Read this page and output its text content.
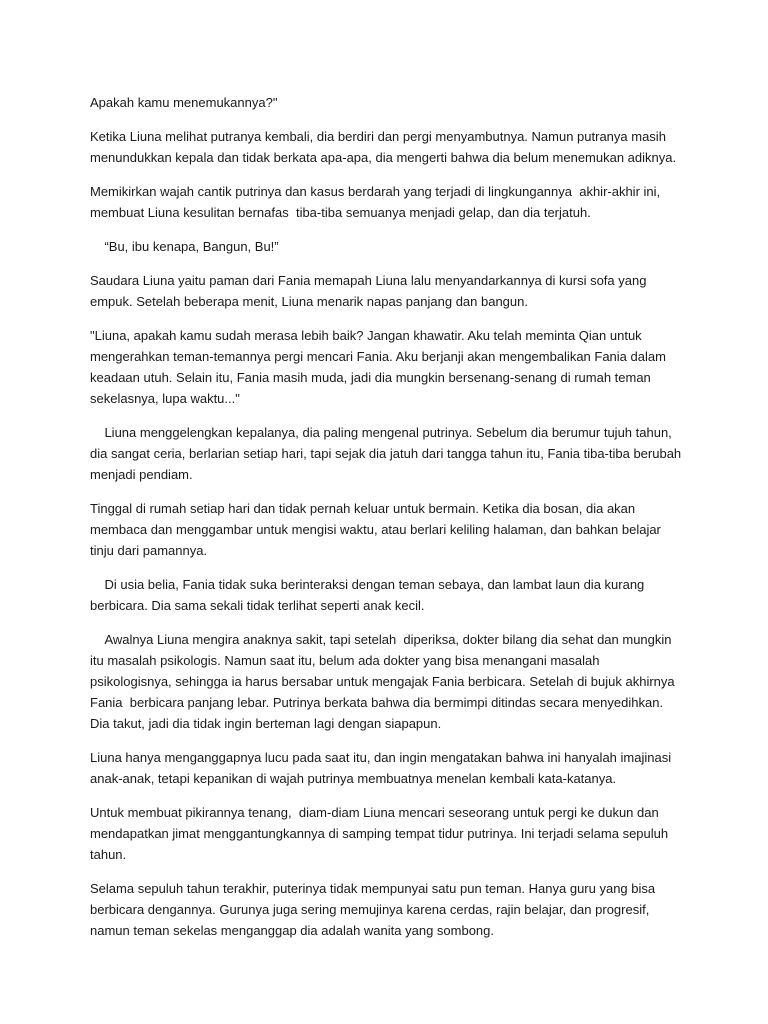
Apakah kamu menemukannya?"

Ketika Liuna melihat putranya kembali, dia berdiri dan pergi menyambutnya. Namun putranya masih menundukkan kepala dan tidak berkata apa-apa, dia mengerti bahwa dia belum menemukan adiknya.

Memikirkan wajah cantik putrinya dan kasus berdarah yang terjadi di lingkungannya  akhir-akhir ini, membuat Liuna kesulitan bernafas  tiba-tiba semuanya menjadi gelap, dan dia terjatuh.

“Bu, ibu kenapa, Bangun, Bu!”

Saudara Liuna yaitu paman dari Fania memapah Liuna lalu menyandarkannya di kursi sofa yang empuk. Setelah beberapa menit, Liuna menarik napas panjang dan bangun.

"Liuna, apakah kamu sudah merasa lebih baik? Jangan khawatir. Aku telah meminta Qian untuk mengerahkan teman-temannya pergi mencari Fania. Aku berjanji akan mengembalikan Fania dalam keadaan utuh. Selain itu, Fania masih muda, jadi dia mungkin bersenang-senang di rumah teman sekelasnya, lupa waktu..."

Liuna menggelengkan kepalanya, dia paling mengenal putrinya. Sebelum dia berumur tujuh tahun, dia sangat ceria, berlarian setiap hari, tapi sejak dia jatuh dari tangga tahun itu, Fania tiba-tiba berubah menjadi pendiam.

Tinggal di rumah setiap hari dan tidak pernah keluar untuk bermain. Ketika dia bosan, dia akan membaca dan menggambar untuk mengisi waktu, atau berlari keliling halaman, dan bahkan belajar tinju dari pamannya.

Di usia belia, Fania tidak suka berinteraksi dengan teman sebaya, dan lambat laun dia kurang berbicara. Dia sama sekali tidak terlihat seperti anak kecil.

Awalnya Liuna mengira anaknya sakit, tapi setelah  diperiksa, dokter bilang dia sehat dan mungkin itu masalah psikologis. Namun saat itu, belum ada dokter yang bisa menangani masalah psikologisnya, sehingga ia harus bersabar untuk mengajak Fania berbicara. Setelah di bujuk akhirnya Fania  berbicara panjang lebar. Putrinya berkata bahwa dia bermimpi ditindas secara menyedihkan. Dia takut, jadi dia tidak ingin berteman lagi dengan siapapun.

Liuna hanya menganggapnya lucu pada saat itu, dan ingin mengatakan bahwa ini hanyalah imajinasi anak-anak, tetapi kepanikan di wajah putrinya membuatnya menelan kembali kata-katanya.

Untuk membuat pikirannya tenang,  diam-diam Liuna mencari seseorang untuk pergi ke dukun dan mendapatkan jimat menggantungkannya di samping tempat tidur putrinya. Ini terjadi selama sepuluh tahun.

Selama sepuluh tahun terakhir, puterinya tidak mempunyai satu pun teman. Hanya guru yang bisa berbicara dengannya. Gurunya juga sering memujinya karena cerdas, rajin belajar, dan progresif, namun teman sekelas menganggap dia adalah wanita yang sombong.
